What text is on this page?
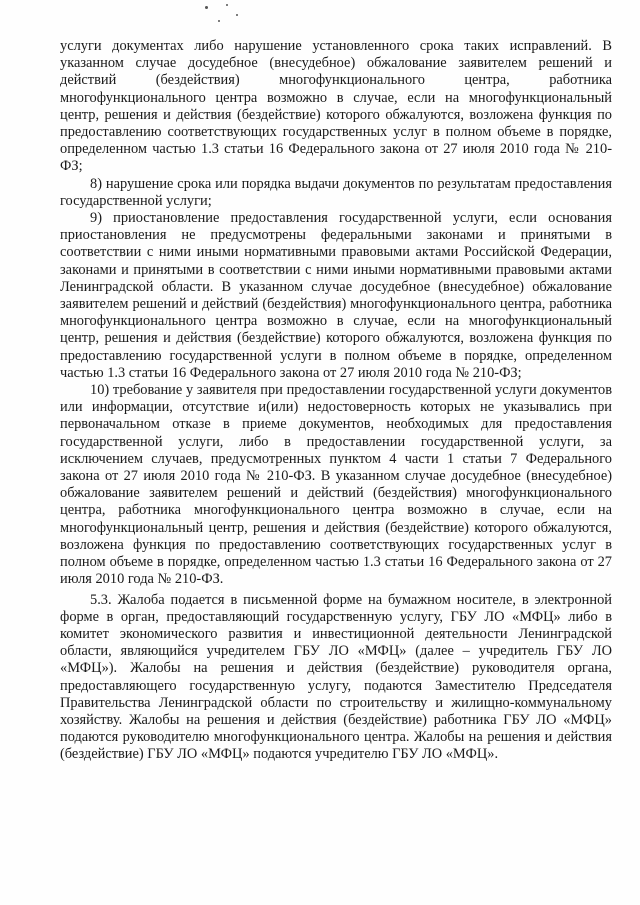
услуги документах либо нарушение установленного срока таких исправлений. В указанном случае досудебное (внесудебное) обжалование заявителем решений и действий (бездействия) многофункционального центра, работника многофункционального центра возможно в случае, если на многофункциональный центр, решения и действия (бездействие) которого обжалуются, возложена функция по предоставлению соответствующих государственных услуг в полном объеме в порядке, определенном частью 1.3 статьи 16 Федерального закона от 27 июля 2010 года № 210-ФЗ;

8) нарушение срока или порядка выдачи документов по результатам предоставления государственной услуги;

9) приостановление предоставления государственной услуги, если основания приостановления не предусмотрены федеральными законами и принятыми в соответствии с ними иными нормативными правовыми актами Российской Федерации, законами и принятыми в соответствии с ними иными нормативными правовыми актами Ленинградской области. В указанном случае досудебное (внесудебное) обжалование заявителем решений и действий (бездействия) многофункционального центра, работника многофункционального центра возможно в случае, если на многофункциональный центр, решения и действия (бездействие) которого обжалуются, возложена функция по предоставлению государственной услуги в полном объеме в порядке, определенном частью 1.3 статьи 16 Федерального закона от 27 июля 2010 года № 210-ФЗ;

10) требование у заявителя при предоставлении государственной услуги документов или информации, отсутствие и(или) недостоверность которых не указывались при первоначальном отказе в приеме документов, необходимых для предоставления государственной услуги, либо в предоставлении государственной услуги, за исключением случаев, предусмотренных пунктом 4 части 1 статьи 7 Федерального закона от 27 июля 2010 года № 210-ФЗ. В указанном случае досудебное (внесудебное) обжалование заявителем решений и действий (бездействия) многофункционального центра, работника многофункционального центра возможно в случае, если на многофункциональный центр, решения и действия (бездействие) которого обжалуются, возложена функция по предоставлению соответствующих государственных услуг в полном объеме в порядке, определенном частью 1.3 статьи 16 Федерального закона от 27 июля 2010 года № 210-ФЗ.

5.3. Жалоба подается в письменной форме на бумажном носителе, в электронной форме в орган, предоставляющий государственную услугу, ГБУ ЛО «МФЦ» либо в комитет экономического развития и инвестиционной деятельности Ленинградской области, являющийся учредителем ГБУ ЛО «МФЦ» (далее – учредитель ГБУ ЛО «МФЦ»). Жалобы на решения и действия (бездействие) руководителя органа, предоставляющего государственную услугу, подаются Заместителю Председателя Правительства Ленинградской области по строительству и жилищно-коммунальному хозяйству. Жалобы на решения и действия (бездействие) работника ГБУ ЛО «МФЦ» подаются руководителю многофункционального центра. Жалобы на решения и действия (бездействие) ГБУ ЛО «МФЦ» подаются учредителю ГБУ ЛО «МФЦ».
